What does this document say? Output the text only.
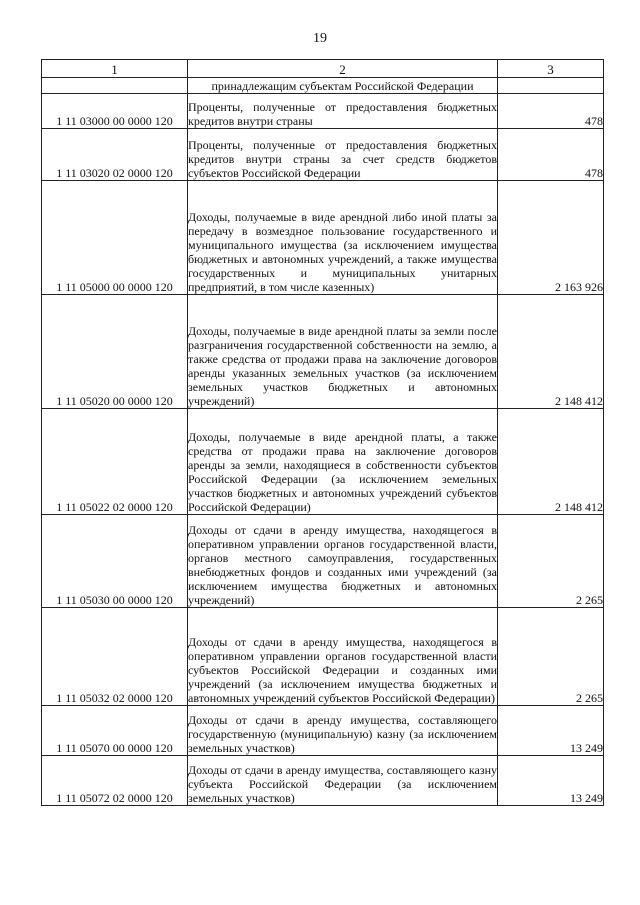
19
1	2	3
	принадлежащим субъектам Российской Федерации	
1 11 03000 00 0000 120	Проценты, полученные от предоставления бюджетных кредитов внутри страны	478
1 11 03020 02 0000 120	Проценты, полученные от предоставления бюджетных кредитов внутри страны за счет средств бюджетов субъектов Российской Федерации	478
1 11 05000 00 0000 120	Доходы, получаемые в виде арендной либо иной платы за передачу в возмездное пользование государственного и муниципального имущества (за исключением имущества бюджетных и автономных учреждений, а также имущества государственных и муниципальных унитарных предприятий, в том числе казенных)	2 163 926
1 11 05020 00 0000 120	Доходы, получаемые в виде арендной платы за земли после разграничения государственной собственности на землю, а также средства от продажи права на заключение договоров аренды указанных земельных участков (за исключением земельных участков бюджетных и автономных учреждений)	2 148 412
1 11 05022 02 0000 120	Доходы, получаемые в виде арендной платы, а также средства от продажи права на заключение договоров аренды за земли, находящиеся в собственности субъектов Российской Федерации (за исключением земельных участков бюджетных и автономных учреждений субъектов Российской Федерации)	2 148 412
1 11 05030 00 0000 120	Доходы от сдачи в аренду имущества, находящегося в оперативном управлении органов государственной власти, органов местного самоуправления, государственных внебюджетных фондов и созданных ими учреждений (за исключением имущества бюджетных и автономных учреждений)	2 265
1 11 05032 02 0000 120	Доходы от сдачи в аренду имущества, находящегося в оперативном управлении органов государственной власти субъектов Российской Федерации и созданных ими учреждений (за исключением имущества бюджетных и автономных учреждений субъектов Российской Федерации)	2 265
1 11 05070 00 0000 120	Доходы от сдачи в аренду имущества, составляющего государственную (муниципальную) казну (за исключением земельных участков)	13 249
1 11 05072 02 0000 120	Доходы от сдачи в аренду имущества, составляющего казну субъекта Российской Федерации (за исключением земельных участков)	13 249
